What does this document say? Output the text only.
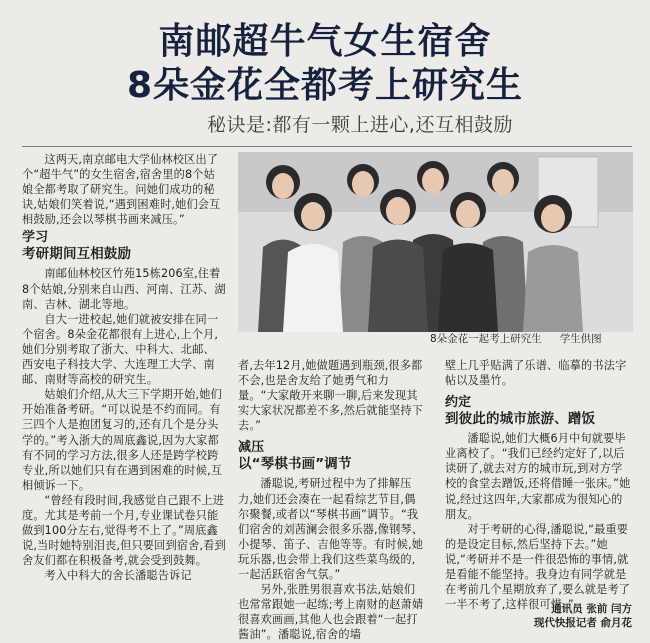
南邮超牛气女生宿舍
8朵金花全都考上研究生
秘诀是:都有一颗上进心,还互相鼓励

这两天,南京邮电大学仙林校区出了个“超牛气”的女生宿舍,宿舍里的8个姑娘全都考取了研究生。问她们成功的秘诀,姑娘们笑着说,“遇到困难时,她们会互相鼓励,还会以琴棋书画来减压。”

学习
考研期间互相鼓励

南邮仙林校区竹苑15栋206室,住着8个姑娘,分别来自山西、河南、江苏、湖南、吉林、湖北等地。

自大一进校起,她们就被安排在同一个宿舍。8朵金花都很有上进心,上个月,她们分别考取了浙大、中科大、北邮、西安电子科技大学、大连理工大学、南邮、南财等高校的研究生。

姑娘们介绍,从大三下学期开始,她们开始准备考研。“可以说是不约而同。有三四个人是抱团复习的,还有几个是分头学的。”考入浙大的周底鑫说,因为大家都有不同的学习方法,很多人还是跨学校跨专业,所以她们只有在遇到困难的时候,互相倾诉一下。

“曾经有段时间,我感觉自己跟不上进度。尤其是考前一个月,专业课试卷只能做到100分左右,觉得考不上了。”周底鑫说,当时她特别泪丧,但只要回到宿舍,看到舍友们都在积极备考,就会受到鼓舞。

考入中科大的舍长潘聪告诉记

8朵金花一起考上研究生 学生供图

者,去年12月,她做题遇到瓶颈,很多都不会,也是舍友给了她勇气和力量。“大家敞开来聊一聊,后来发现其实大家状况都差不多,然后就能坚持下去。”

减压
以“琴棋书画”调节

潘聪说,考研过程中为了排解压力,她们还会凑在一起看综艺节目,偶尔聚餐,或者以“琴棋书画”调节。“我们宿舍的刘茜澜会很多乐器,像钢琴、小提琴、笛子、吉他等等。有时候,她玩乐器,也会带上我们这些菜鸟级的,一起活跃宿舍气氛。”

另外,张胜男很喜欢书法,姑娘们也常常跟她一起练;考上南财的赵萧婧很喜欢画画,其他人也会跟着“一起打酱油”。潘聪说,宿舍的墙

壁上几乎贴满了乐谱、临摹的书法字帖以及墨竹。

约定
到彼此的城市旅游、蹭饭

潘聪说,她们大概6月中旬就要毕业离校了。“我们已经约定好了,以后读研了,就去对方的城市玩,到对方学校的食堂去蹭饭,还将借睡一张床。”她说,经过这四年,大家都成为很知心的朋友。

对于考研的心得,潘聪说,“最重要的是设定目标,然后坚持下去。”她说,“考研并不是一件很恐怖的事情,就是看能不能坚持。我身边有同学就是在考前几个星期放弃了,要么就是考了一半不考了,这样很可惜。”

通讯员 张前 闫方
现代快报记者 俞月花
